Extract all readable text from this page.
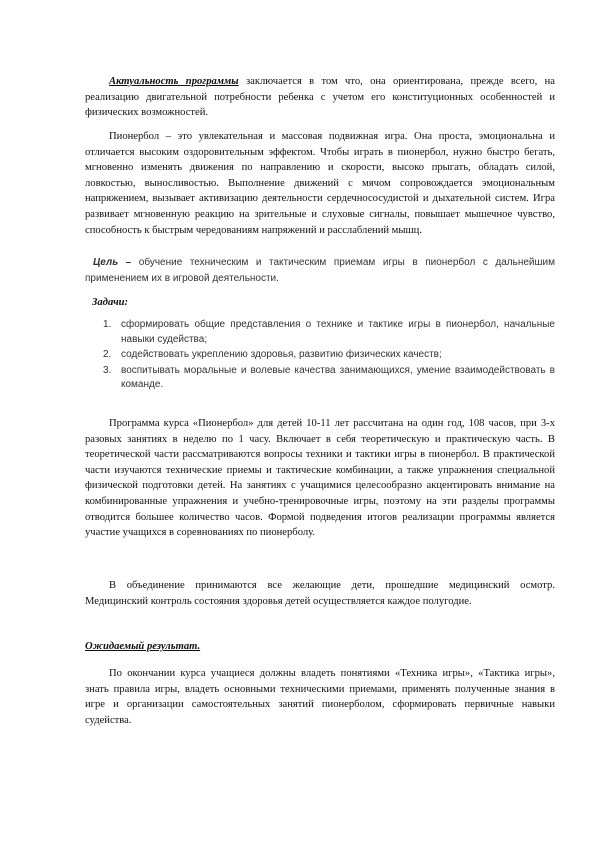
Актуальность программы заключается в том что, она ориентирована, прежде всего, на реализацию двигательной потребности ребенка с учетом его конституционных особенностей и физических возможностей.

Пионербол – это увлекательная и массовая подвижная игра. Она проста, эмоциональна и отличается высоким оздоровительным эффектом. Чтобы играть в пионербол, нужно быстро бегать, мгновенно изменять движения по направлению и скорости, высоко прыгать, обладать силой, ловкостью, выносливостью. Выполнение движений с мячом сопровождается эмоциональным напряжением, вызывает активизацию деятельности сердечнососудистой и дыхательной систем. Игра развивает мгновенную реакцию на зрительные и слуховые сигналы, повышает мышечное чувство, способность к быстрым чередованиям напряжений и расслаблений мышц.

Цель – обучение техническим и тактическим приемам игры в пионербол с дальнейшим применением их в игровой деятельности.

Задачи:

1. сформировать общие представления о технике и тактике игры в пионербол, начальные навыки судейства;
2. содействовать укреплению здоровья, развитию физических качеств;
3. воспитывать моральные и волевые качества занимающихся, умение взаимодействовать в команде.

Программа курса «Пионербол» для детей 10-11 лет рассчитана на один год, 108 часов, при 3-х разовых занятиях в неделю по 1 часу. Включает в себя теоретическую и практическую часть. В теоретической части рассматриваются вопросы техники и тактики игры в пионербол. В практической части изучаются технические приемы и тактические комбинации, а также упражнения специальной физической подготовки детей. На занятиях с учащимися целесообразно акцентировать внимание на комбинированные упражнения и учебно-тренировочные игры, поэтому на эти разделы программы отводится большее количество часов. Формой подведения итогов реализации программы является участие учащихся в соревнованиях по пионерболу.

В объединение принимаются все желающие дети, прошедшие медицинский осмотр. Медицинский контроль состояния здоровья детей осуществляется каждое полугодие.

Ожидаемый результат.

По окончании курса учащиеся должны владеть понятиями «Техника игры», «Тактика игры», знать правила игры, владеть основными техническими приемами, применять полученные знания в игре и организации самостоятельных занятий пионерболом, сформировать первичные навыки судейства.
